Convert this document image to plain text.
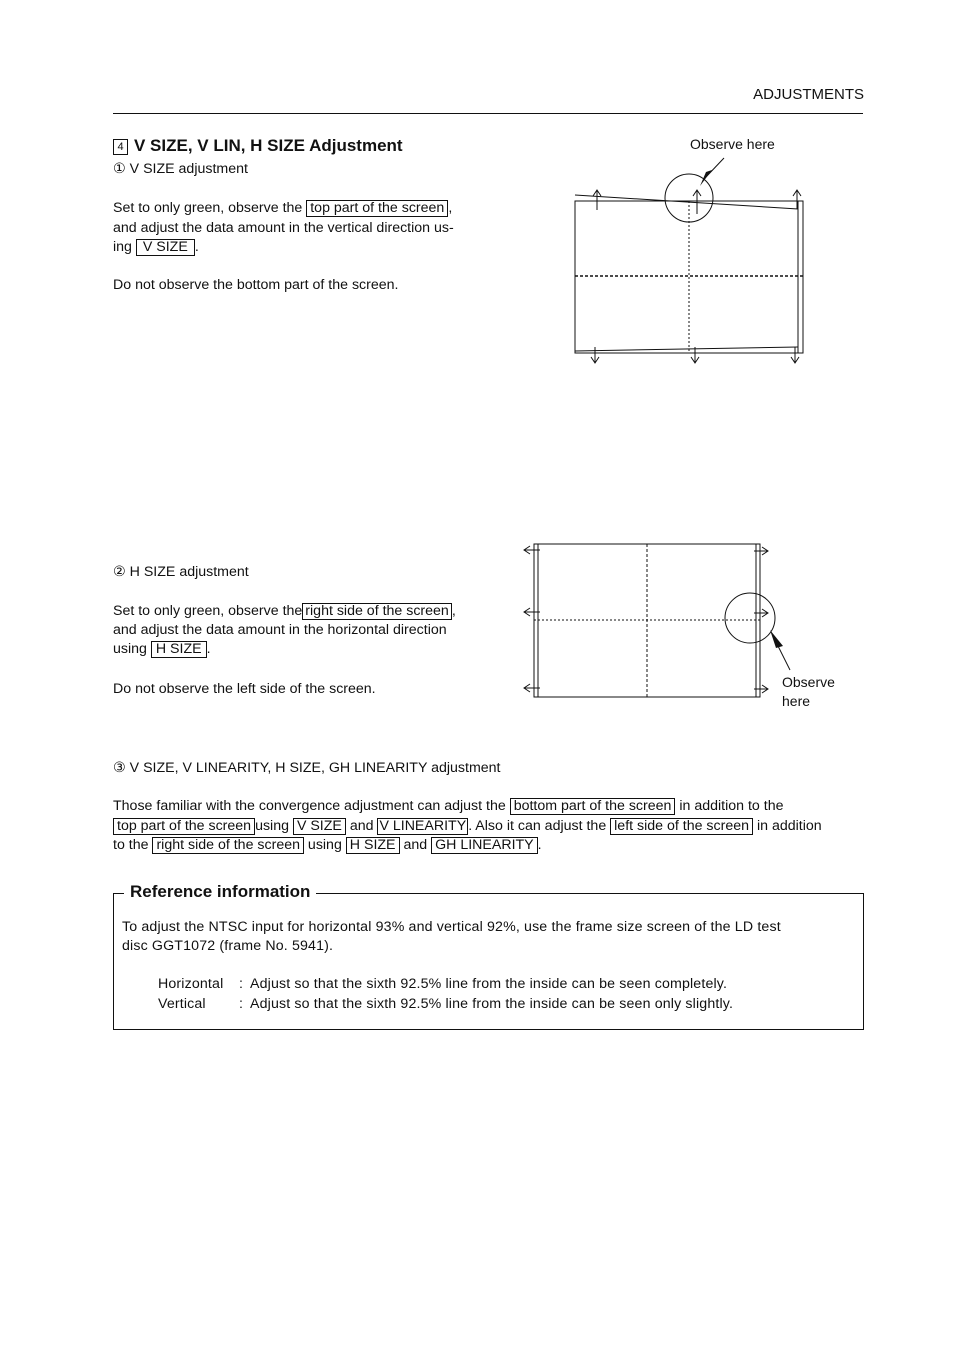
ADJUSTMENTS
4 V SIZE, V LIN, H SIZE Adjustment
① V SIZE adjustment
Set to only green, observe the top part of the screen ,
and adjust the data amount in the vertical direction us-
ing V SIZE .
Do not observe the bottom part of the screen.
Observe here
② H SIZE adjustment
Set to only green, observe the right side of the screen ,
and adjust the data amount in the horizontal direction
using H SIZE .
Do not observe the left side of the screen.	Observe
here
③ V SIZE, V LINEARITY, H SIZE, GH LINEARITY adjustment
Those familiar with the convergence adjustment can adjust the bottom part of the screen in addition to the
top part of the screen using V SIZE and V LINEARITY . Also it can adjust the left side of the screen in addition
to the right side of the screen using H SIZE and GH LINEARITY .
Reference information
To adjust the NTSC input for horizontal 93% and vertical 92%, use the frame size screen of the LD test
disc GGT1072 (frame No. 5941).
Horizontal : Adjust so that the sixth 92.5% line from the inside can be seen completely.
Vertical : Adjust so that the sixth 92.5% line from the inside can be seen only slightly.
